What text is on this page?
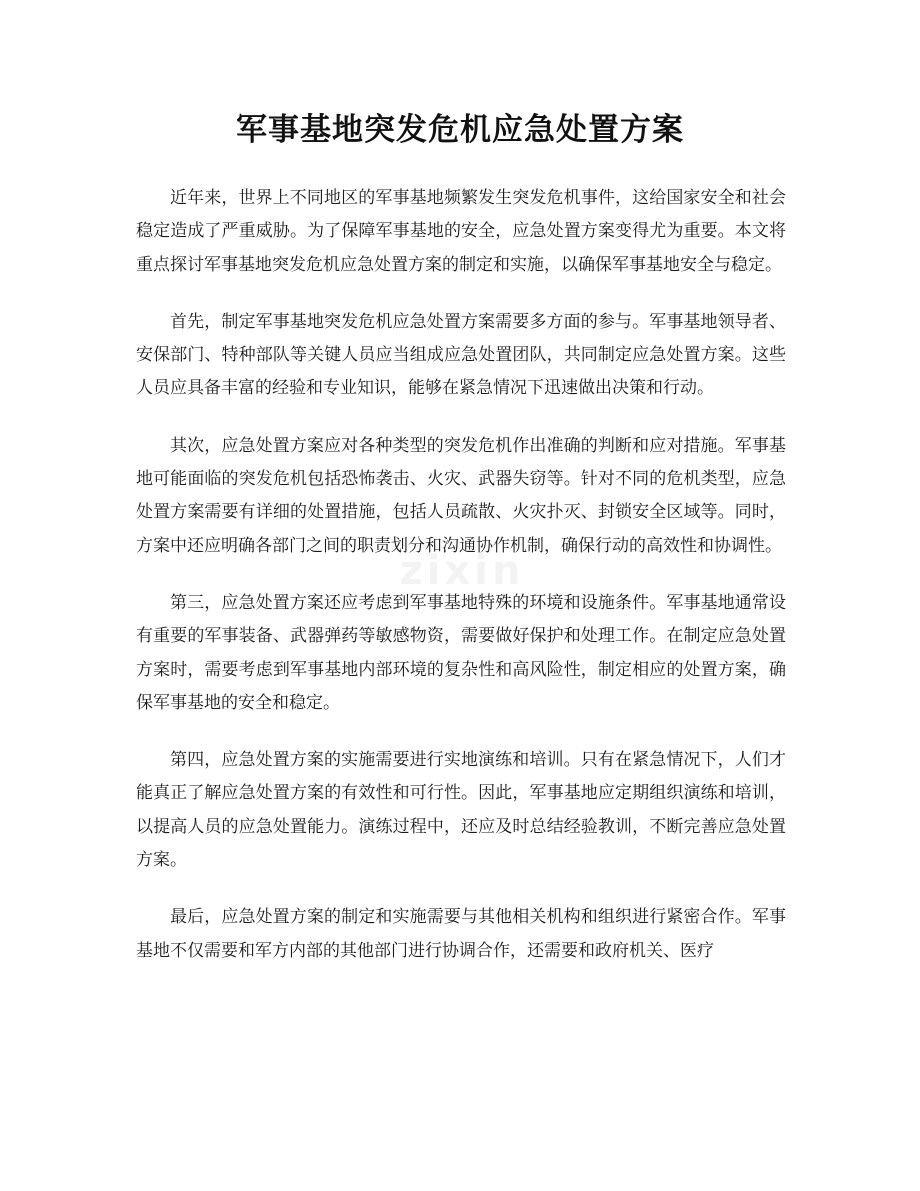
军事基地突发危机应急处置方案
zixin

近年来，世界上不同地区的军事基地频繁发生突发危机事件，这给国家安全和社会稳定造成了严重威胁。为了保障军事基地的安全，应急处置方案变得尤为重要。本文将重点探讨军事基地突发危机应急处置方案的制定和实施，以确保军事基地安全与稳定。

首先，制定军事基地突发危机应急处置方案需要多方面的参与。军事基地领导者、安保部门、特种部队等关键人员应当组成应急处置团队，共同制定应急处置方案。这些人员应具备丰富的经验和专业知识，能够在紧急情况下迅速做出决策和行动。

其次，应急处置方案应对各种类型的突发危机作出准确的判断和应对措施。军事基地可能面临的突发危机包括恐怖袭击、火灾、武器失窃等。针对不同的危机类型，应急处置方案需要有详细的处置措施，包括人员疏散、火灾扑灭、封锁安全区域等。同时，方案中还应明确各部门之间的职责划分和沟通协作机制，确保行动的高效性和协调性。

第三，应急处置方案还应考虑到军事基地特殊的环境和设施条件。军事基地通常设有重要的军事装备、武器弹药等敏感物资，需要做好保护和处理工作。在制定应急处置方案时，需要考虑到军事基地内部环境的复杂性和高风险性，制定相应的处置方案，确保军事基地的安全和稳定。

第四，应急处置方案的实施需要进行实地演练和培训。只有在紧急情况下，人们才能真正了解应急处置方案的有效性和可行性。因此，军事基地应定期组织演练和培训，以提高人员的应急处置能力。演练过程中，还应及时总结经验教训，不断完善应急处置方案。

最后，应急处置方案的制定和实施需要与其他相关机构和组织进行紧密合作。军事基地不仅需要和军方内部的其他部门进行协调合作，还需要和政府机关、医疗
